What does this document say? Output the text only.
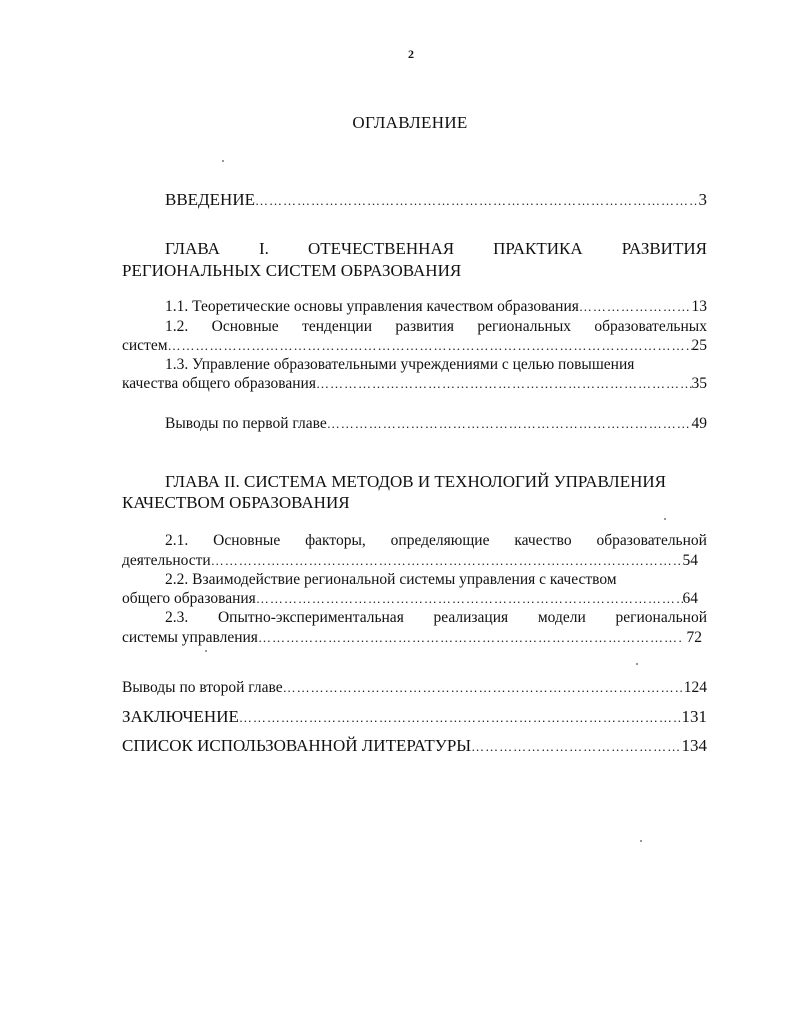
2
ОГЛАВЛЕНИЕ
ВВЕДЕНИЕ ……………………………………………………………………………………………………………………………………………………………………………………………………………	3
ГЛАВА I. ОТЕЧЕСТВЕННАЯ ПРАКТИКА РАЗВИТИЯ
РЕГИОНАЛЬНЫХ СИСТЕМ ОБРАЗОВАНИЯ
1.1. Теоретические основы управления качеством образования ……………………………………………………………………………………………………………………………………………………………………………………………………………	13
1.2. Основные тенденции развития региональных образовательных
систем ……………………………………………………………………………………………………………………………………………………………………………………………………………	25
1.3. Управление образовательными учреждениями с целью повышения
качества общего образования ……………………………………………………………………………………………………………………………………………………………………………………………………………	35
Выводы по первой главе ……………………………………………………………………………………………………………………………………………………………………………………………………………	49
ГЛАВА II. СИСТЕМА МЕТОДОВ И ТЕХНОЛОГИЙ УПРАВЛЕНИЯ
КАЧЕСТВОМ ОБРАЗОВАНИЯ
2.1. Основные факторы, определяющие качество образовательной
деятельности ……………………………………………………………………………………………………………………………………………………………………………………………………………	54
2.2. Взаимодействие региональной системы управления с качеством
общего образования ……………………………………………………………………………………………………………………………………………………………………………………………………………	64
2.3. Опытно-экспериментальная реализация модели региональной
системы управления ……………………………………………………………………………………………………………………………………………………………………………………………………………	72
Выводы по второй главе ……………………………………………………………………………………………………………………………………………………………………………………………………………	124
ЗАКЛЮЧЕНИЕ ……………………………………………………………………………………………………………………………………………………………………………………………………………	131
СПИСОК ИСПОЛЬЗОВАННОЙ ЛИТЕРАТУРЫ ……………………………………………………………………………………………………………………………………………………………………………………………………………	134
